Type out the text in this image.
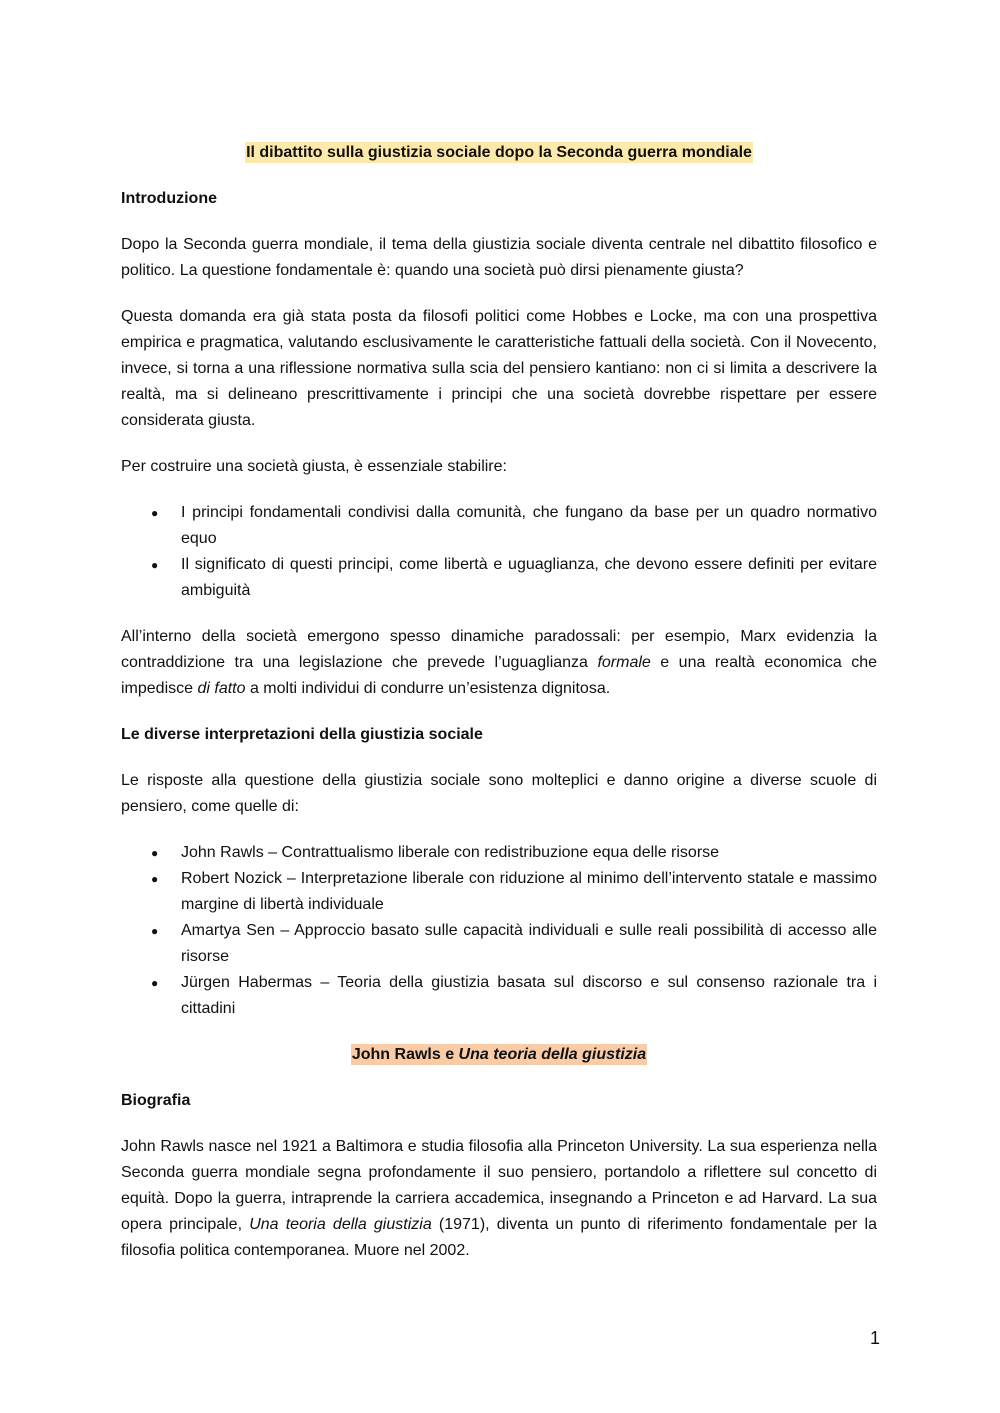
Il dibattito sulla giustizia sociale dopo la Seconda guerra mondiale
Introduzione

Dopo la Seconda guerra mondiale, il tema della giustizia sociale diventa centrale nel dibattito filosofico e politico. La questione fondamentale è: quando una società può dirsi pienamente giusta?

Questa domanda era già stata posta da filosofi politici come Hobbes e Locke, ma con una prospettiva empirica e pragmatica, valutando esclusivamente le caratteristiche fattuali della società. Con il Novecento, invece, si torna a una riflessione normativa sulla scia del pensiero kantiano: non ci si limita a descrivere la realtà, ma si delineano prescrittivamente i principi che una società dovrebbe rispettare per essere considerata giusta.

Per costruire una società giusta, è essenziale stabilire:

● I principi fondamentali condivisi dalla comunità, che fungano da base per un quadro normativo equo
● Il significato di questi principi, come libertà e uguaglianza, che devono essere definiti per evitare ambiguità

All’interno della società emergono spesso dinamiche paradossali: per esempio, Marx evidenzia la contraddizione tra una legislazione che prevede l’uguaglianza formale e una realtà economica che impedisce di fatto a molti individui di condurre un’esistenza dignitosa.

Le diverse interpretazioni della giustizia sociale

Le risposte alla questione della giustizia sociale sono molteplici e danno origine a diverse scuole di pensiero, come quelle di:

● John Rawls – Contrattualismo liberale con redistribuzione equa delle risorse
● Robert Nozick – Interpretazione liberale con riduzione al minimo dell’intervento statale e massimo margine di libertà individuale
● Amartya Sen – Approccio basato sulle capacità individuali e sulle reali possibilità di accesso alle risorse
● Jürgen Habermas – Teoria della giustizia basata sul discorso e sul consenso razionale tra i cittadini
John Rawls e Una teoria della giustizia
Biografia

John Rawls nasce nel 1921 a Baltimora e studia filosofia alla Princeton University. La sua esperienza nella Seconda guerra mondiale segna profondamente il suo pensiero, portandolo a riflettere sul concetto di equità. Dopo la guerra, intraprende la carriera accademica, insegnando a Princeton e ad Harvard. La sua opera principale, Una teoria della giustizia (1971), diventa un punto di riferimento fondamentale per la filosofia politica contemporanea. Muore nel 2002.

1
